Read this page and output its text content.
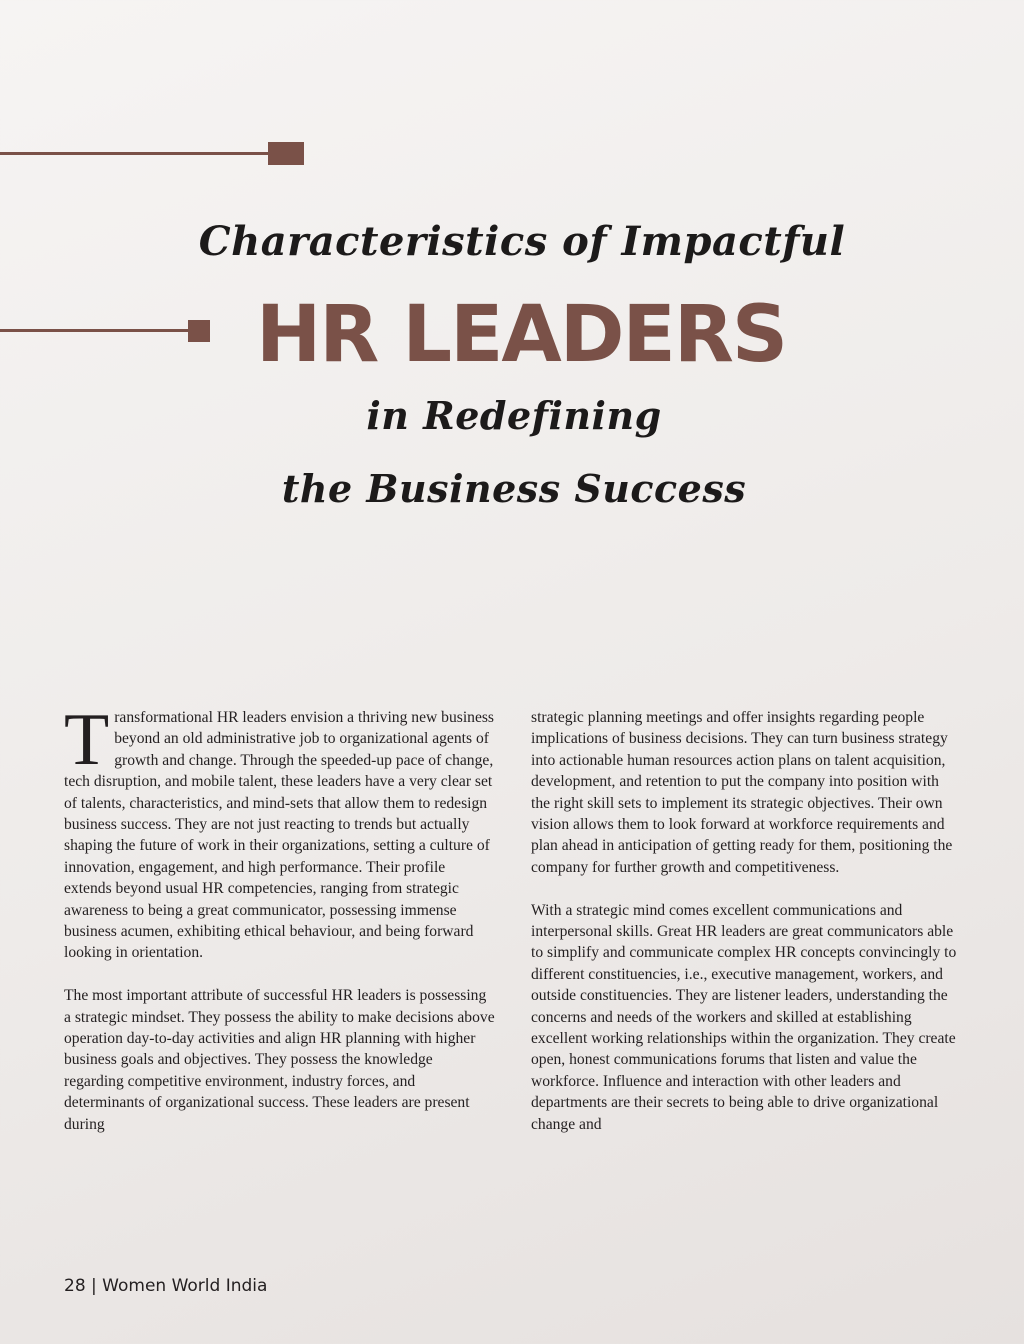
Characteristics of Impactful
HR LEADERS
in Redefining
the Business Success

Transformational HR leaders envision a thriving new business beyond an old administrative job to organizational agents of growth and change. Through the speeded-up pace of change, tech disruption, and mobile talent, these leaders have a very clear set of talents, characteristics, and mind-sets that allow them to redesign business success. They are not just reacting to trends but actually shaping the future of work in their organizations, setting a culture of innovation, engagement, and high performance. Their profile extends beyond usual HR competencies, ranging from strategic awareness to being a great communicator, possessing immense business acumen, exhibiting ethical behaviour, and being forward looking in orientation.

The most important attribute of successful HR leaders is possessing a strategic mindset. They possess the ability to make decisions above operation day-to-day activities and align HR planning with higher business goals and objectives. They possess the knowledge regarding competitive environment, industry forces, and determinants of organizational success. These leaders are present during

strategic planning meetings and offer insights regarding people implications of business decisions. They can turn business strategy into actionable human resources action plans on talent acquisition, development, and retention to put the company into position with the right skill sets to implement its strategic objectives. Their own vision allows them to look forward at workforce requirements and plan ahead in anticipation of getting ready for them, positioning the company for further growth and competitiveness.

With a strategic mind comes excellent communications and interpersonal skills. Great HR leaders are great communicators able to simplify and communicate complex HR concepts convincingly to different constituencies, i.e., executive management, workers, and outside constituencies. They are listener leaders, understanding the concerns and needs of the workers and skilled at establishing excellent working relationships within the organization. They create open, honest communications forums that listen and value the workforce. Influence and interaction with other leaders and departments are their secrets to being able to drive organizational change and

28 | Women World India
